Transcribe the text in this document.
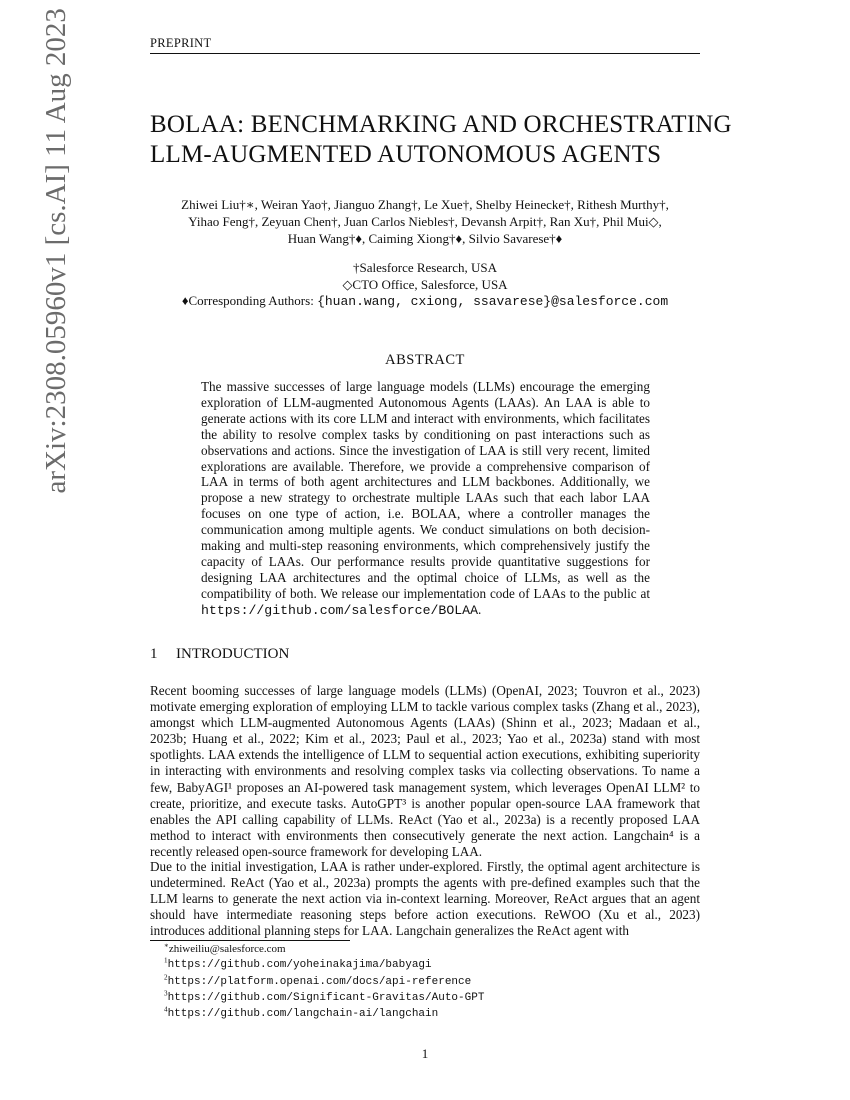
PREPRINT
arXiv:2308.05960v1 [cs.AI] 11 Aug 2023	BOLAA: BENCHMARKING AND ORCHESTRATING
LLM-AUGMENTED AUTONOMOUS AGENTS
Zhiwei Liu†∗, Weiran Yao†, Jianguo Zhang†, Le Xue†, Shelby Heinecke†, Rithesh Murthy†,
Yihao Feng†, Zeyuan Chen†, Juan Carlos Niebles†, Devansh Arpit†, Ran Xu†, Phil Mui◇,
Huan Wang†♦, Caiming Xiong†♦, Silvio Savarese†♦
†Salesforce Research, USA
◇CTO Office, Salesforce, USA
♦Corresponding Authors: {huan.wang, cxiong, ssavarese}@salesforce.com
ABSTRACT
The massive successes of large language models (LLMs) encourage the emerging exploration of LLM-augmented Autonomous Agents (LAAs). An LAA is able to generate actions with its core LLM and interact with environments, which facilitates the ability to resolve complex tasks by conditioning on past interactions such as observations and actions. Since the investigation of LAA is still very recent, limited explorations are available. Therefore, we provide a comprehensive comparison of LAA in terms of both agent architectures and LLM backbones. Additionally, we propose a new strategy to orchestrate multiple LAAs such that each labor LAA focuses on one type of action, i.e. BOLAA, where a controller manages the communication among multiple agents. We conduct simulations on both decision-making and multi-step reasoning environments, which comprehensively justify the capacity of LAAs. Our performance results provide quantitative suggestions for designing LAA architectures and the optimal choice of LLMs, as well as the compatibility of both. We release our implementation code of LAAs to the public at https://github.com/salesforce/BOLAA.
1 INTRODUCTION
Recent booming successes of large language models (LLMs) (OpenAI, 2023; Touvron et al., 2023) motivate emerging exploration of employing LLM to tackle various complex tasks (Zhang et al., 2023), amongst which LLM-augmented Autonomous Agents (LAAs) (Shinn et al., 2023; Madaan et al., 2023b; Huang et al., 2022; Kim et al., 2023; Paul et al., 2023; Yao et al., 2023a) stand with most spotlights. LAA extends the intelligence of LLM to sequential action executions, exhibiting superiority in interacting with environments and resolving complex tasks via collecting observations. To name a few, BabyAGI¹ proposes an AI-powered task management system, which leverages OpenAI LLM² to create, prioritize, and execute tasks. AutoGPT³ is another popular open-source LAA framework that enables the API calling capability of LLMs. ReAct (Yao et al., 2023a) is a recently proposed LAA method to interact with environments then consecutively generate the next action. Langchain⁴ is a recently released open-source framework for developing LAA.
Due to the initial investigation, LAA is rather under-explored. Firstly, the optimal agent architecture is undetermined. ReAct (Yao et al., 2023a) prompts the agents with pre-defined examples such that the LLM learns to generate the next action via in-context learning. Moreover, ReAct argues that an agent should have intermediate reasoning steps before action executions. ReWOO (Xu et al., 2023) introduces additional planning steps for LAA. Langchain generalizes the ReAct agent with
∗zhiweiliu@salesforce.com
$^1$https://github.com/yoheinakajima/babyagi
$^2$https://platform.openai.com/docs/api-reference
$^3$https://github.com/Significant-Gravitas/Auto-GPT
$^4$https://github.com/langchain-ai/langchain
1
